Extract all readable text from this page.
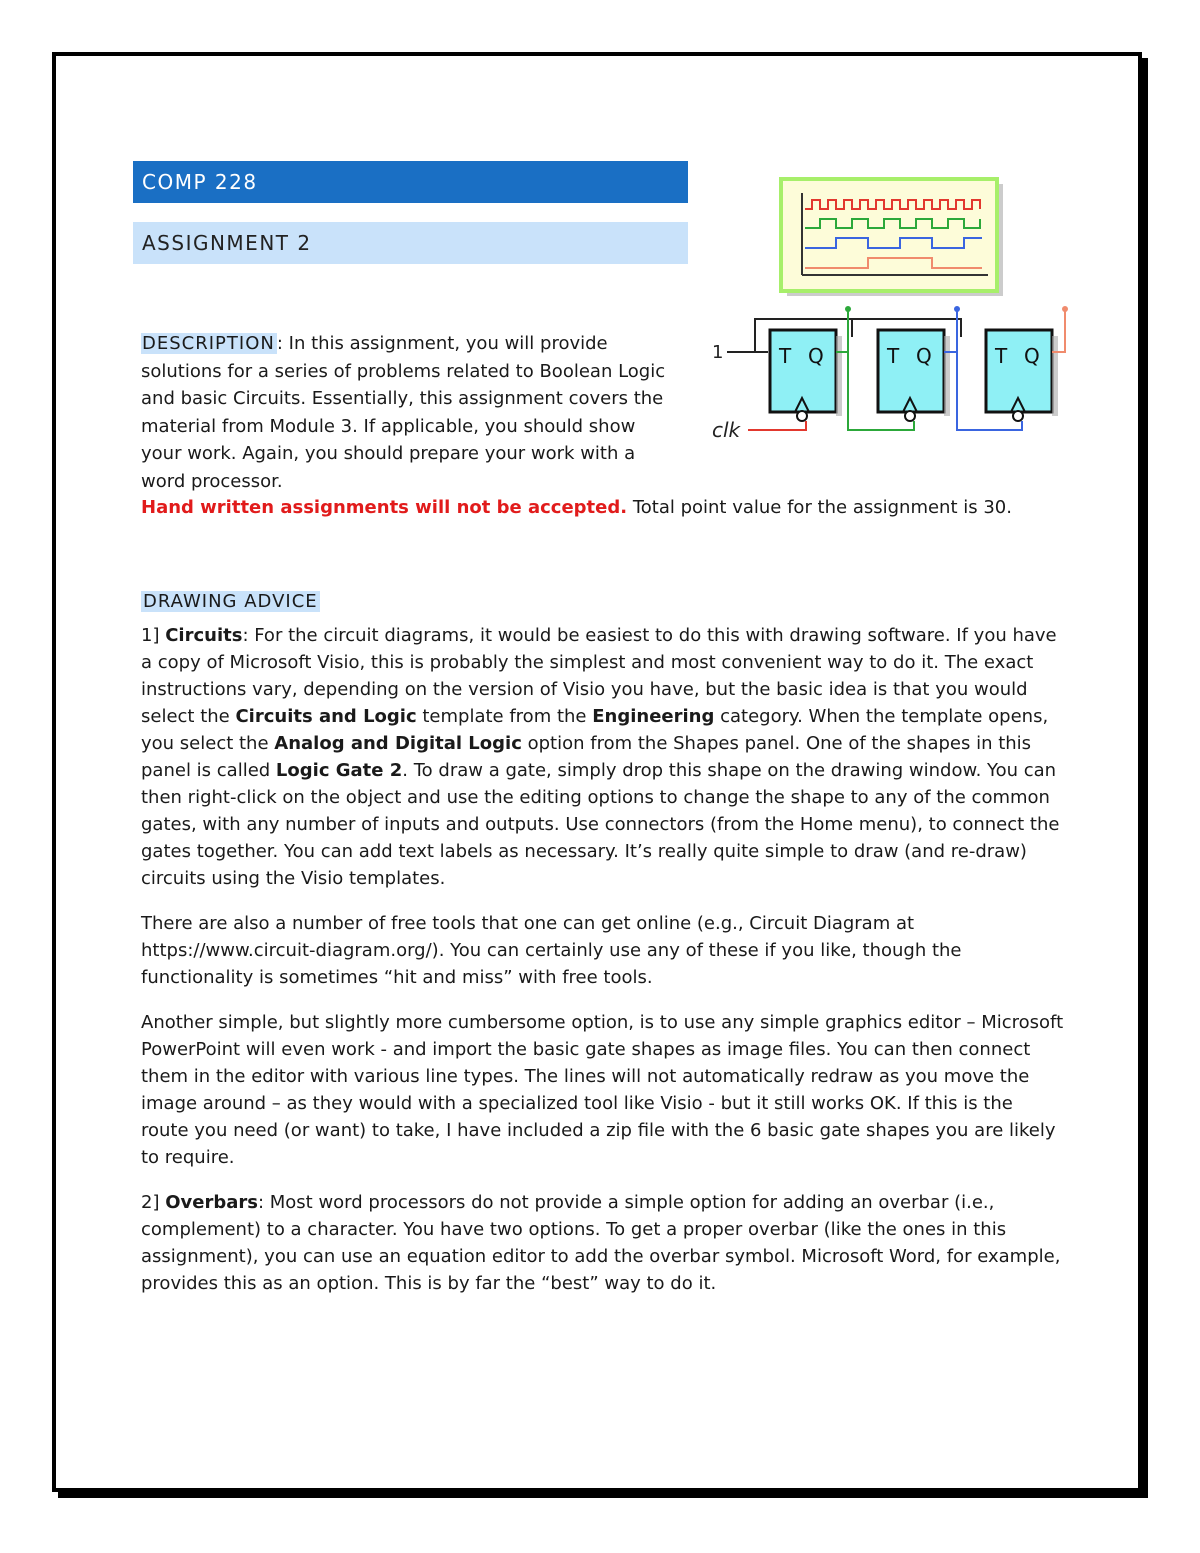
COMP 228
ASSIGNMENT 2
1	T Q	T Q	T Q
clk

DESCRIPTION : In this assignment, you will provide solutions for a series of problems related to Boolean Logic and basic Circuits. Essentially, this assignment covers the material from Module 3. If applicable, you should show your work. Again, you should prepare your work with a word processor.

DRAWING ADVICE

1] Circuits: For the circuit diagrams, it would be easiest to do this with drawing software. If you have a copy of Microsoft Visio, this is probably the simplest and most convenient way to do it. The exact instructions vary, depending on the version of Visio you have, but the basic idea is that you would select the Circuits and Logic template from the Engineering category. When the template opens, you select the Analog and Digital Logic option from the Shapes panel. One of the shapes in this panel is called Logic Gate 2. To draw a gate, simply drop this shape on the drawing window. You can then right-click on the object and use the editing options to change the shape to any of the common gates, with any number of inputs and outputs. Use connectors (from the Home menu), to connect the gates together. You can add text labels as necessary. It’s really quite simple to draw (and re-draw) circuits using the Visio templates.

There are also a number of free tools that one can get online (e.g., Circuit Diagram at https://www.circuit-diagram.org/). You can certainly use any of these if you like, though the functionality is sometimes “hit and miss” with free tools.

Another simple, but slightly more cumbersome option, is to use any simple graphics editor – Microsoft PowerPoint will even work - and import the basic gate shapes as image files. You can then connect them in the editor with various line types. The lines will not automatically redraw as you move the image around – as they would with a specialized tool like Visio - but it still works OK. If this is the route you need (or want) to take, I have included a zip file with the 6 basic gate shapes you are likely to require.

2] Overbars: Most word processors do not provide a simple option for adding an overbar (i.e., complement) to a character. You have two options. To get a proper overbar (like the ones in this assignment), you can use an equation editor to add the overbar symbol. Microsoft Word, for example, provides this as an option. This is by far the “best” way to do it.

Hand written assignments will not be accepted. Total point value for the assignment is 30.
